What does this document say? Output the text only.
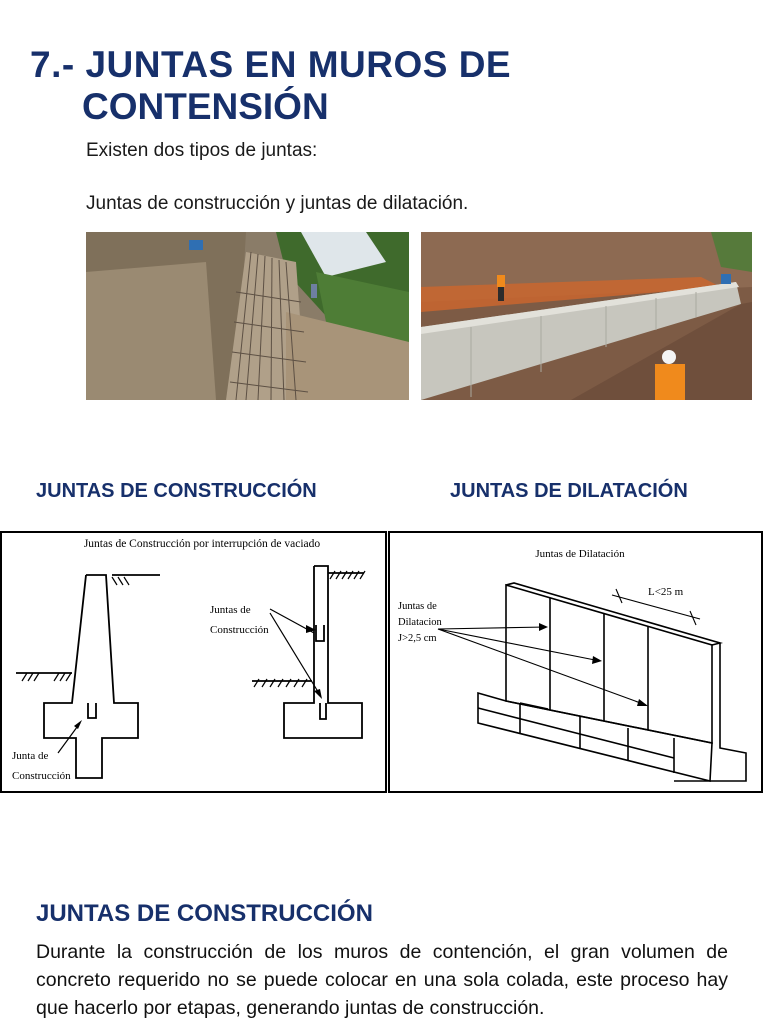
7.- JUNTAS EN MUROS DE
CONTENSIÓN
Existen dos tipos de juntas:
Juntas de construcción y juntas de dilatación.
JUNTAS DE CONSTRUCCIÓN	JUNTAS DE DILATACIÓN
Juntas de Construcción por interrupción de vaciado
Junta de
Construcción
Juntas de
Construcción
Juntas de Dilatación
L<25 m
Juntas de
Dilatacion
J>2,5 cm
JUNTAS DE CONSTRUCCIÓN
Durante la construcción de los muros de contención, el gran volumen de concreto requerido no se puede colocar en una sola colada, este proceso hay que hacerlo por etapas, generando juntas de construcción.
